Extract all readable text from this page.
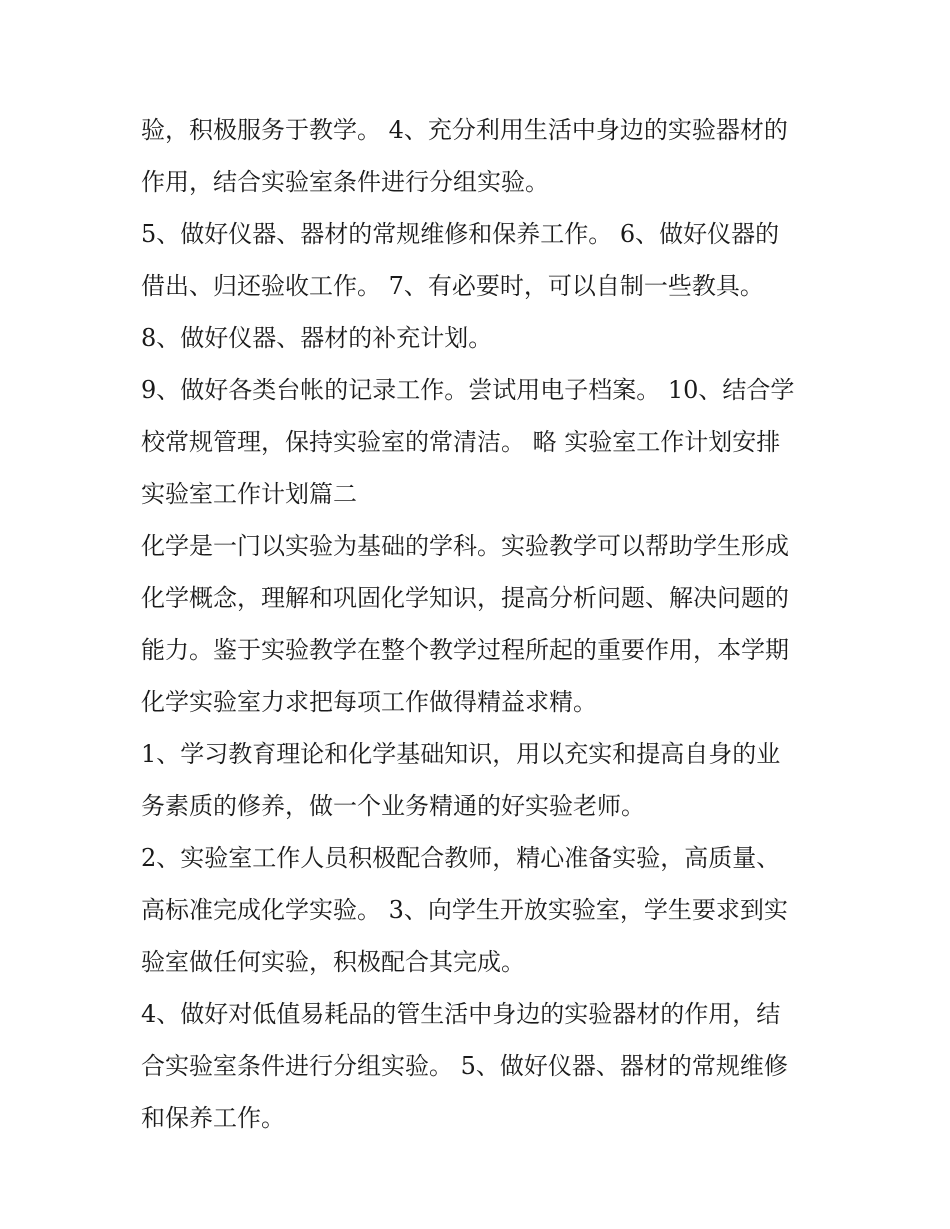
验，积极服务于教学。 4、充分利用生活中身边的实验器材的
作用，结合实验室条件进行分组实验。
5、做好仪器、器材的常规维修和保养工作。 6、做好仪器的
借出、归还验收工作。 7、有必要时，可以自制一些教具。
8、做好仪器、器材的补充计划。
9、做好各类台帐的记录工作。尝试用电子档案。 10、结合学
校常规管理，保持实验室的常清洁。 略 实验室工作计划安排
实验室工作计划篇二
化学是一门以实验为基础的学科。实验教学可以帮助学生形成
化学概念，理解和巩固化学知识，提高分析问题、解决问题的
能力。鉴于实验教学在整个教学过程所起的重要作用，本学期
化学实验室力求把每项工作做得精益求精。
1、学习教育理论和化学基础知识，用以充实和提高自身的业
务素质的修养，做一个业务精通的好实验老师。
2、实验室工作人员积极配合教师，精心准备实验，高质量、
高标准完成化学实验。 3、向学生开放实验室，学生要求到实
验室做任何实验，积极配合其完成。
4、做好对低值易耗品的管生活中身边的实验器材的作用，结
合实验室条件进行分组实验。 5、做好仪器、器材的常规维修
和保养工作。
